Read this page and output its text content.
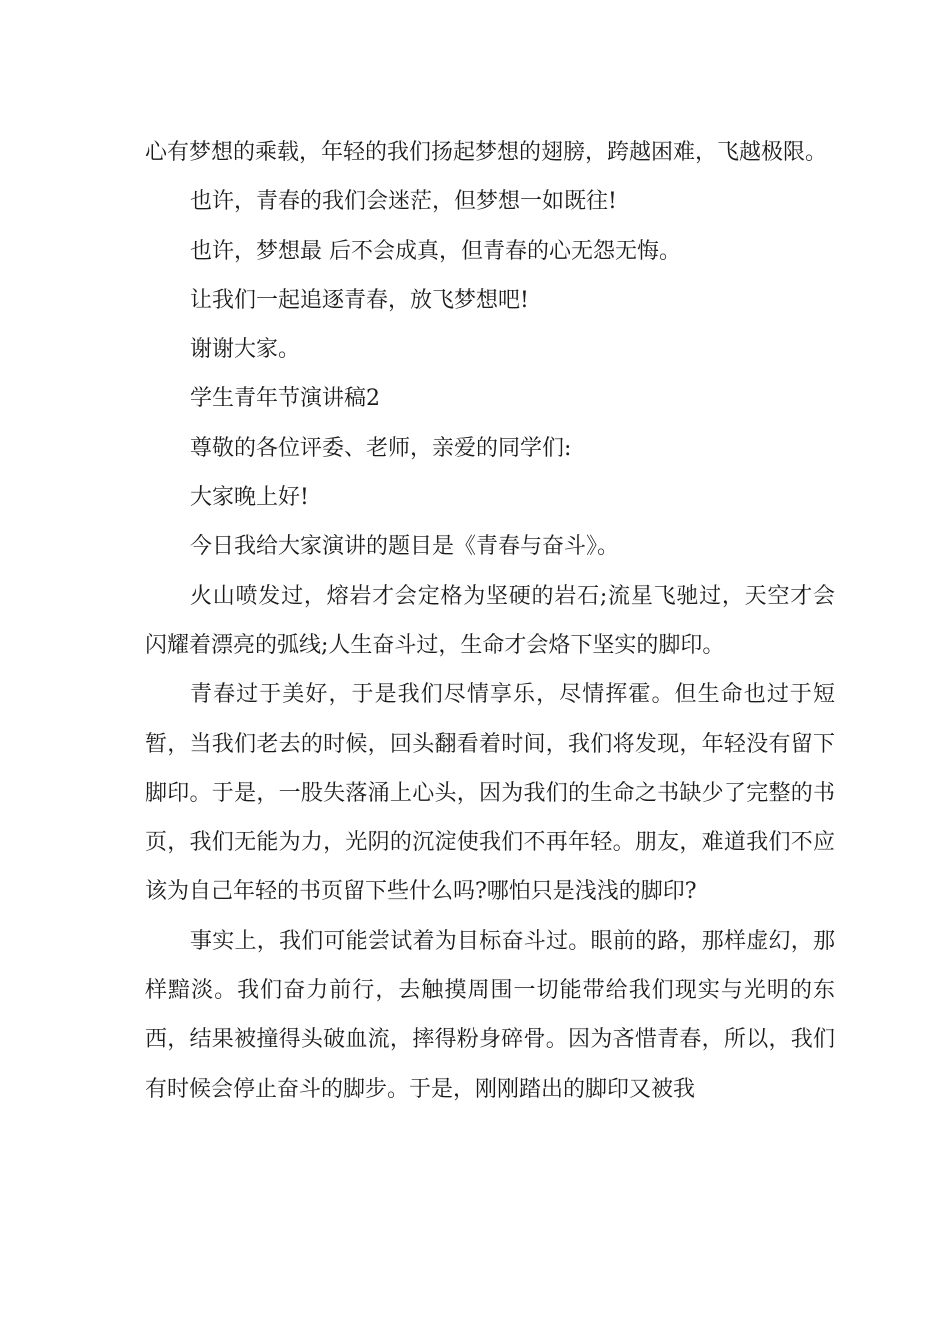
心有梦想的乘载，年轻的我们扬起梦想的翅膀，跨越困难，飞越极限。

也许，青春的我们会迷茫，但梦想一如既往!

也许，梦想最 后不会成真，但青春的心无怨无悔。

让我们一起追逐青春，放飞梦想吧!

谢谢大家。

学生青年节演讲稿2

尊敬的各位评委、老师，亲爱的同学们:

大家晚上好!

今日我给大家演讲的题目是《青春与奋斗》。

火山喷发过，熔岩才会定格为坚硬的岩石;流星飞驰过，天空才会闪耀着漂亮的弧线;人生奋斗过，生命才会烙下坚实的脚印。

青春过于美好，于是我们尽情享乐，尽情挥霍。但生命也过于短暂，当我们老去的时候，回头翻看着时间，我们将发现，年轻没有留下脚印。于是，一股失落涌上心头，因为我们的生命之书缺少了完整的书页，我们无能为力，光阴的沉淀使我们不再年轻。朋友，难道我们不应该为自己年轻的书页留下些什么吗?哪怕只是浅浅的脚印?

事实上，我们可能尝试着为目标奋斗过。眼前的路，那样虚幻，那样黯淡。我们奋力前行，去触摸周围一切能带给我们现实与光明的东西，结果被撞得头破血流，摔得粉身碎骨。因为吝惜青春，所以，我们有时候会停止奋斗的脚步。于是，刚刚踏出的脚印又被我
